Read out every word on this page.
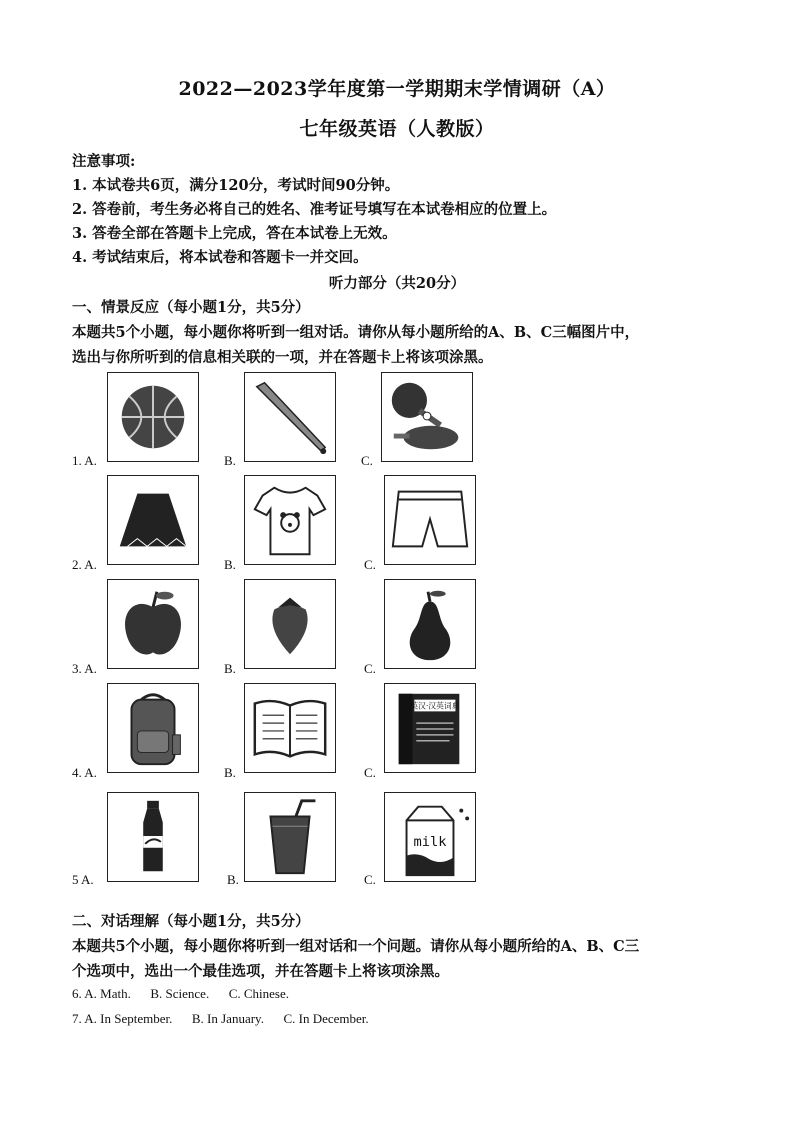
2022—2023学年度第一学期期末学情调研（A）
七年级英语（人教版）
注意事项:
1. 本试卷共6页，满分120分，考试时间90分钟。
2. 答卷前，考生务必将自己的姓名、准考证号填写在本试卷相应的位置上。
3. 答卷全部在答题卡上完成，答在本试卷上无效。
4. 考试结束后，将本试卷和答题卡一并交回。
听力部分（共20分）
一、情景反应（每小题1分，共5分）
本题共5个小题，每小题你将听到一组对话。请你从每小题所给的A、B、C三幅图片中，
选出与你所听到的信息相关联的一项，并在答题卡上将该项涂黑。
1. A.	B.	C.
2. A.	B.	C.
3. A.	B.	C.
英汉·汉英词典
4. A.	B.	C.
milk
5 A.	B.	C.
二、对话理解（每小题1分，共5分）
本题共5个小题，每小题你将听到一组对话和一个问题。请你从每小题所给的A、B、C三
个选项中，选出一个最佳选项，并在答题卡上将该项涂黑。
6. A. Math.      B. Science.      C. Chinese.
7. A. In September.      B. In January.      C. In December.
